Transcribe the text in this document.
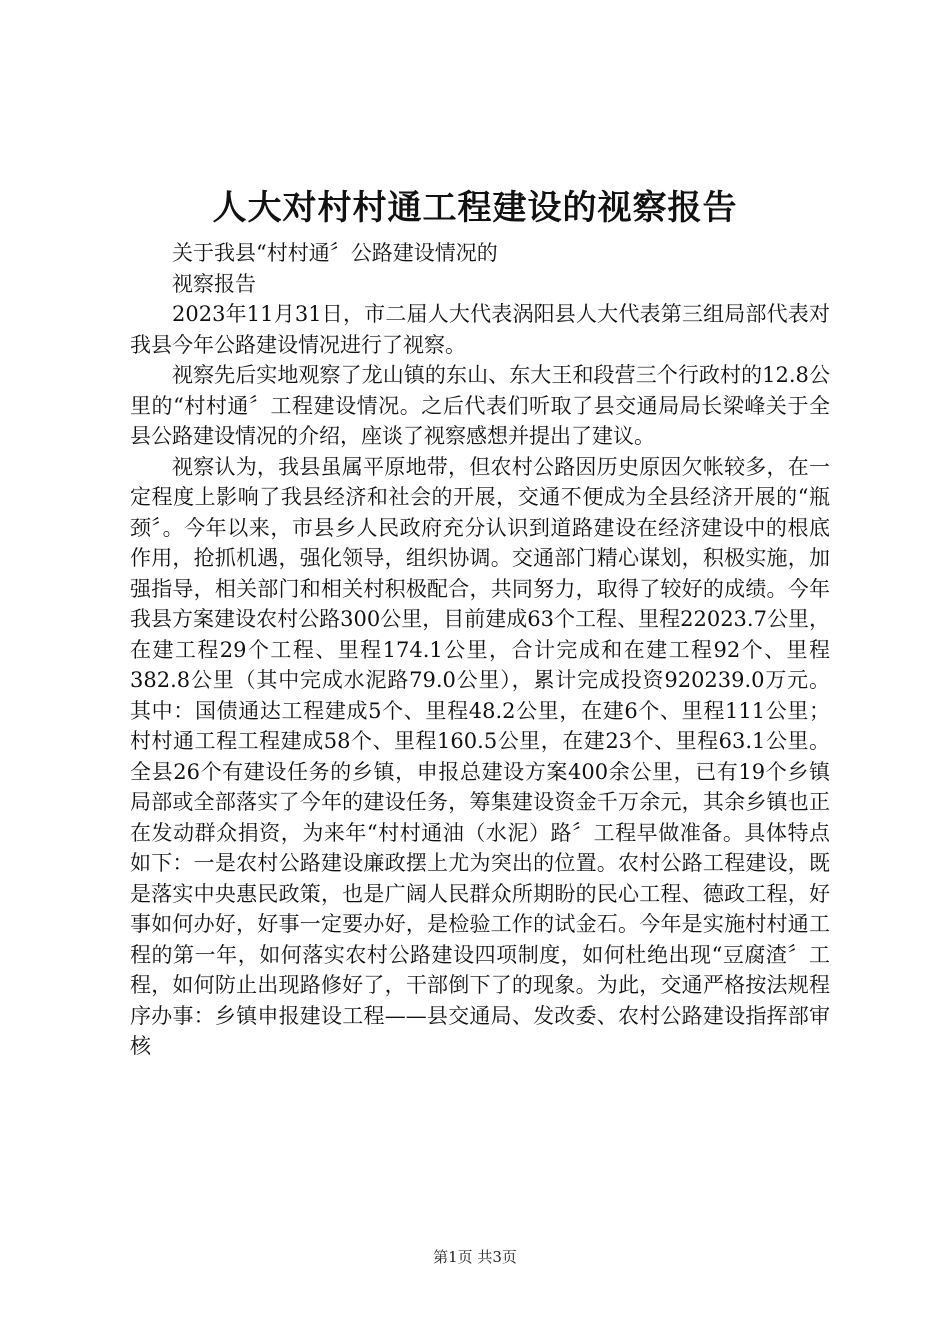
人大对村村通工程建设的视察报告

关于我县“村村通〞公路建设情况的

视察报告

2023年11月31日，市二届人大代表涡阳县人大代表第三组局部代表对我县今年公路建设情况进行了视察。

视察先后实地观察了龙山镇的东山、东大王和段营三个行政村的12.8公里的“村村通〞工程建设情况。之后代表们听取了县交通局局长梁峰关于全县公路建设情况的介绍，座谈了视察感想并提出了建议。

视察认为，我县虽属平原地带，但农村公路因历史原因欠帐较多，在一定程度上影响了我县经济和社会的开展，交通不便成为全县经济开展的“瓶颈〞。今年以来，市县乡人民政府充分认识到道路建设在经济建设中的根底作用，抢抓机遇，强化领导，组织协调。交通部门精心谋划，积极实施，加强指导，相关部门和相关村积极配合，共同努力，取得了较好的成绩。今年我县方案建设农村公路300公里，目前建成63个工程、里程22023.7公里，在建工程29个工程、里程174.1公里，合计完成和在建工程92个、里程382.8公里（其中完成水泥路79.0公里），累计完成投资920239.0万元。其中：国债通达工程建成5个、里程48.2公里，在建6个、里程111公里；村村通工程工程建成58个、里程160.5公里，在建23个、里程63.1公里。全县26个有建设任务的乡镇，申报总建设方案400余公里，已有19个乡镇局部或全部落实了今年的建设任务，筹集建设资金千万余元，其余乡镇也正在发动群众捐资，为来年“村村通油（水泥）路〞工程早做准备。具体特点如下：一是农村公路建设廉政摆上尤为突出的位置。农村公路工程建设，既是落实中央惠民政策，也是广阔人民群众所期盼的民心工程、德政工程，好事如何办好，好事一定要办好，是检验工作的试金石。今年是实施村村通工程的第一年，如何落实农村公路建设四项制度，如何杜绝出现“豆腐渣〞工程，如何防止出现路修好了，干部倒下了的现象。为此，交通严格按法规程序办事：乡镇申报建设工程——县交通局、发改委、农村公路建设指挥部审核

第1页 共3页
